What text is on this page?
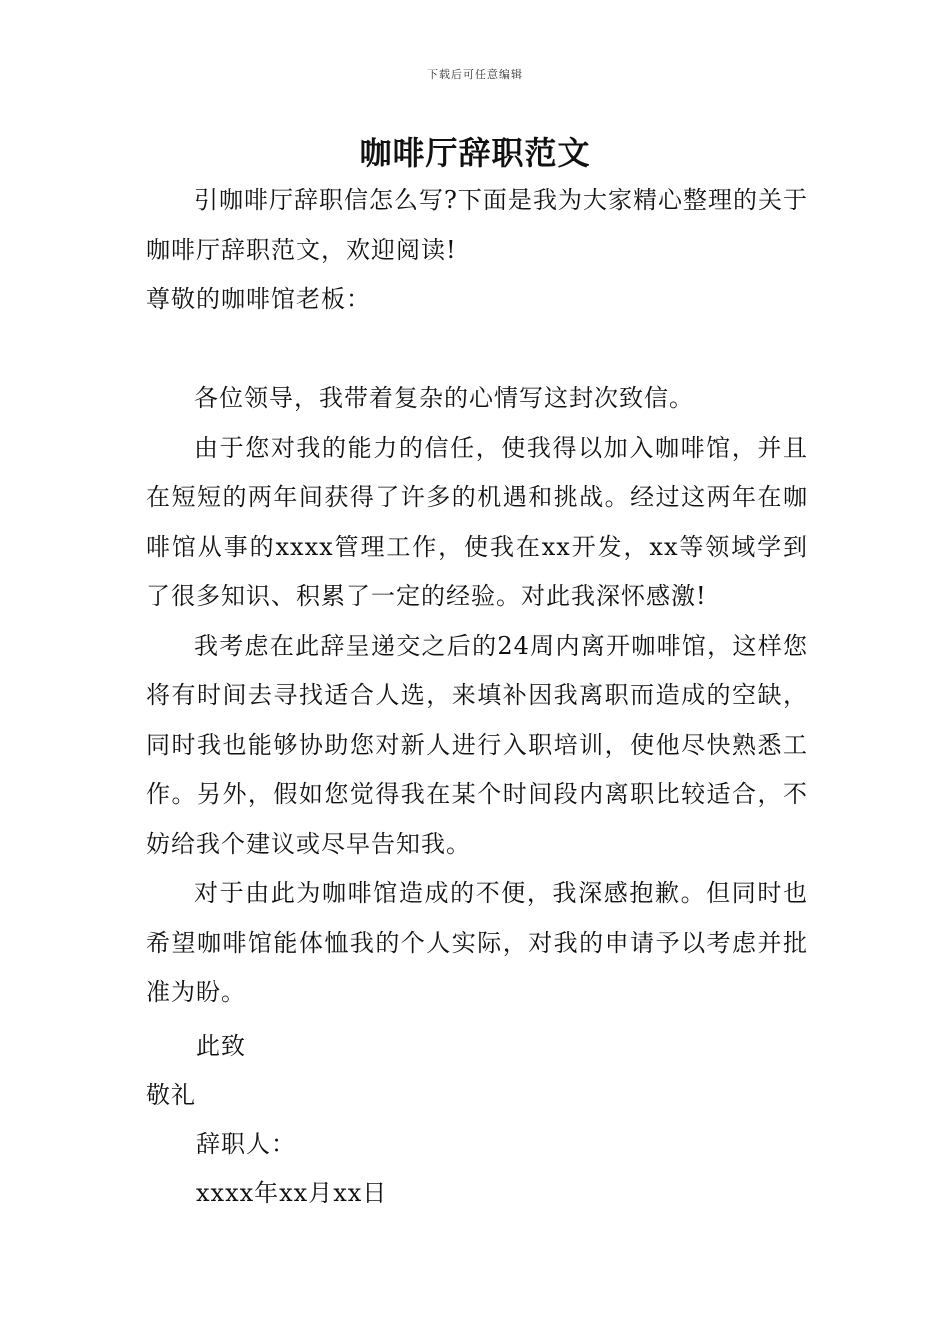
下载后可任意编辑
咖啡厅辞职范文

引咖啡厅辞职信怎么写?下面是我为大家精心整理的关于咖啡厅辞职范文，欢迎阅读!

尊敬的咖啡馆老板：

各位领导，我带着复杂的心情写这封次致信。

由于您对我的能力的信任，使我得以加入咖啡馆，并且在短短的两年间获得了许多的机遇和挑战。经过这两年在咖啡馆从事的xxxx管理工作，使我在xx开发，xx等领域学到了很多知识、积累了一定的经验。对此我深怀感激!

我考虑在此辞呈递交之后的24周内离开咖啡馆，这样您将有时间去寻找适合人选，来填补因我离职而造成的空缺，同时我也能够协助您对新人进行入职培训，使他尽快熟悉工作。另外，假如您觉得我在某个时间段内离职比较适合，不妨给我个建议或尽早告知我。

对于由此为咖啡馆造成的不便，我深感抱歉。但同时也希望咖啡馆能体恤我的个人实际，对我的申请予以考虑并批准为盼。

此致
敬礼
辞职人：
xxxx年xx月xx日
